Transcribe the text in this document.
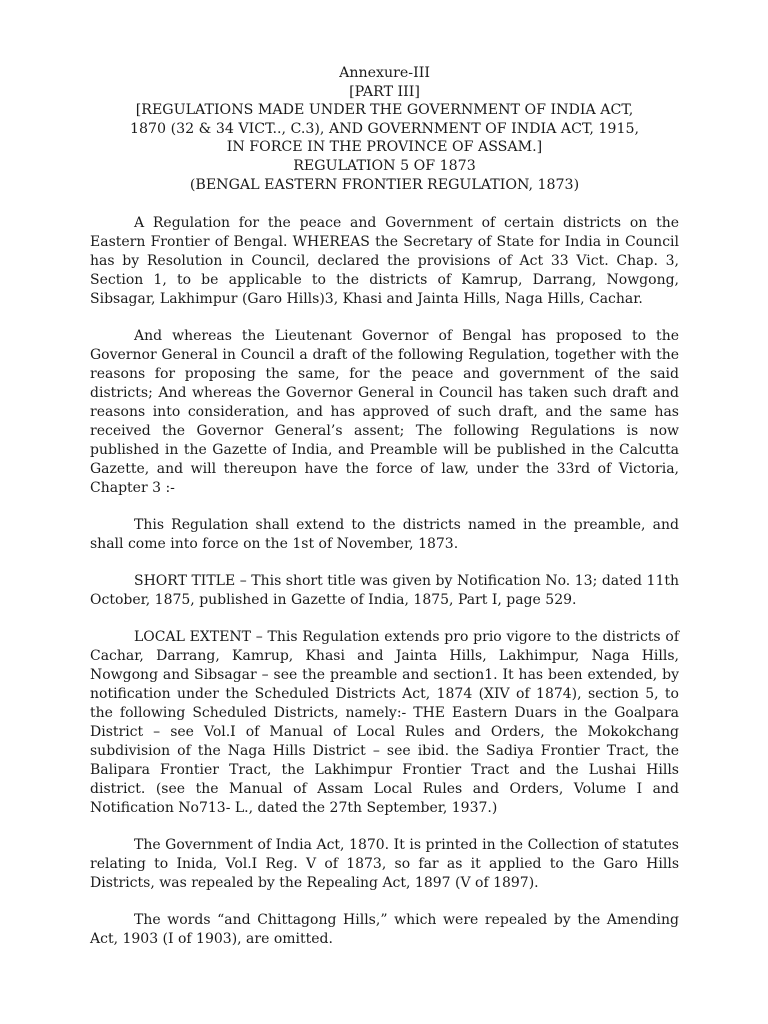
Annexure-III
[PART III]
[REGULATIONS MADE UNDER THE GOVERNMENT OF INDIA ACT,
1870 (32 & 34 VICT.., C.3), AND GOVERNMENT OF INDIA ACT, 1915,
IN FORCE IN THE PROVINCE OF ASSAM.]
REGULATION 5 OF 1873
(BENGAL EASTERN FRONTIER REGULATION, 1873)

A Regulation for the peace and Government of certain districts on the Eastern Frontier of Bengal. WHEREAS the Secretary of State for India in Council has by Resolution in Council, declared the provisions of Act 33 Vict. Chap. 3, Section 1, to be applicable to the districts of Kamrup, Darrang, Nowgong, Sibsagar, Lakhimpur (Garo Hills)3, Khasi and Jainta Hills, Naga Hills, Cachar.

And whereas the Lieutenant Governor of Bengal has proposed to the Governor General in Council a draft of the following Regulation, together with the reasons for proposing the same, for the peace and government of the said districts; And whereas the Governor General in Council has taken such draft and reasons into consideration, and has approved of such draft, and the same has received the Governor General’s assent; The following Regulations is now published in the Gazette of India, and Preamble will be published in the Calcutta Gazette, and will thereupon have the force of law, under the 33rd of Victoria, Chapter 3 :-

This Regulation shall extend to the districts named in the preamble, and shall come into force on the 1st of November, 1873.

SHORT TITLE – This short title was given by Notification No. 13; dated 11th October, 1875, published in Gazette of India, 1875, Part I, page 529.

LOCAL EXTENT – This Regulation extends pro prio vigore to the districts of Cachar, Darrang, Kamrup, Khasi and Jainta Hills, Lakhimpur, Naga Hills, Nowgong and Sibsagar – see the preamble and section1. It has been extended, by notification under the Scheduled Districts Act, 1874 (XIV of 1874), section 5, to the following Scheduled Districts, namely:- THE Eastern Duars in the Goalpara District – see Vol.I of Manual of Local Rules and Orders, the Mokokchang subdivision of the Naga Hills District – see ibid. the Sadiya Frontier Tract, the Balipara Frontier Tract, the Lakhimpur Frontier Tract and the Lushai Hills district. (see the Manual of Assam Local Rules and Orders, Volume I and Notification No713- L., dated the 27th September, 1937.)

The Government of India Act, 1870. It is printed in the Collection of statutes relating to Inida, Vol.I Reg. V of 1873, so far as it applied to the Garo Hills Districts, was repealed by the Repealing Act, 1897 (V of 1897).

The words “and Chittagong Hills,” which were repealed by the Amending Act, 1903 (I of 1903), are omitted.
